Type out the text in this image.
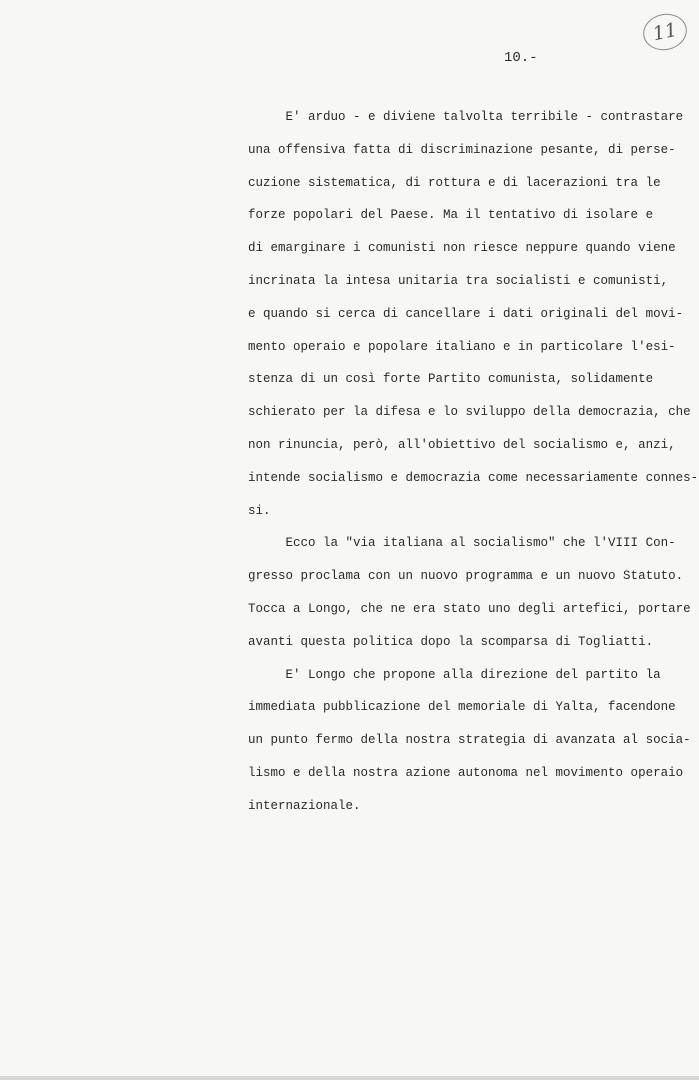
11
10.-
E' arduo - e diviene talvolta terribile - contrastare
una offensiva fatta di discriminazione pesante, di perse-
cuzione sistematica, di rottura e di lacerazioni tra le
forze popolari del Paese. Ma il tentativo di isolare e
di emarginare i comunisti non riesce neppure quando viene
incrinata la intesa unitaria tra socialisti e comunisti,
e quando si cerca di cancellare i dati originali del movi-
mento operaio e popolare italiano e in particolare l'esi-
stenza di un così forte Partito comunista, solidamente
schierato per la difesa e lo sviluppo della democrazia, che
non rinuncia, però, all'obiettivo del socialismo e, anzi,
intende socialismo e democrazia come necessariamente connes-
si.
Ecco la "via italiana al socialismo" che l'VIII Con-
gresso proclama con un nuovo programma e un nuovo Statuto.
Tocca a Longo, che ne era stato uno degli artefici, portare
avanti questa politica dopo la scomparsa di Togliatti.
E' Longo che propone alla direzione del partito la
immediata pubblicazione del memoriale di Yalta, facendone
un punto fermo della nostra strategia di avanzata al socia-
lismo e della nostra azione autonoma nel movimento operaio
internazionale.
